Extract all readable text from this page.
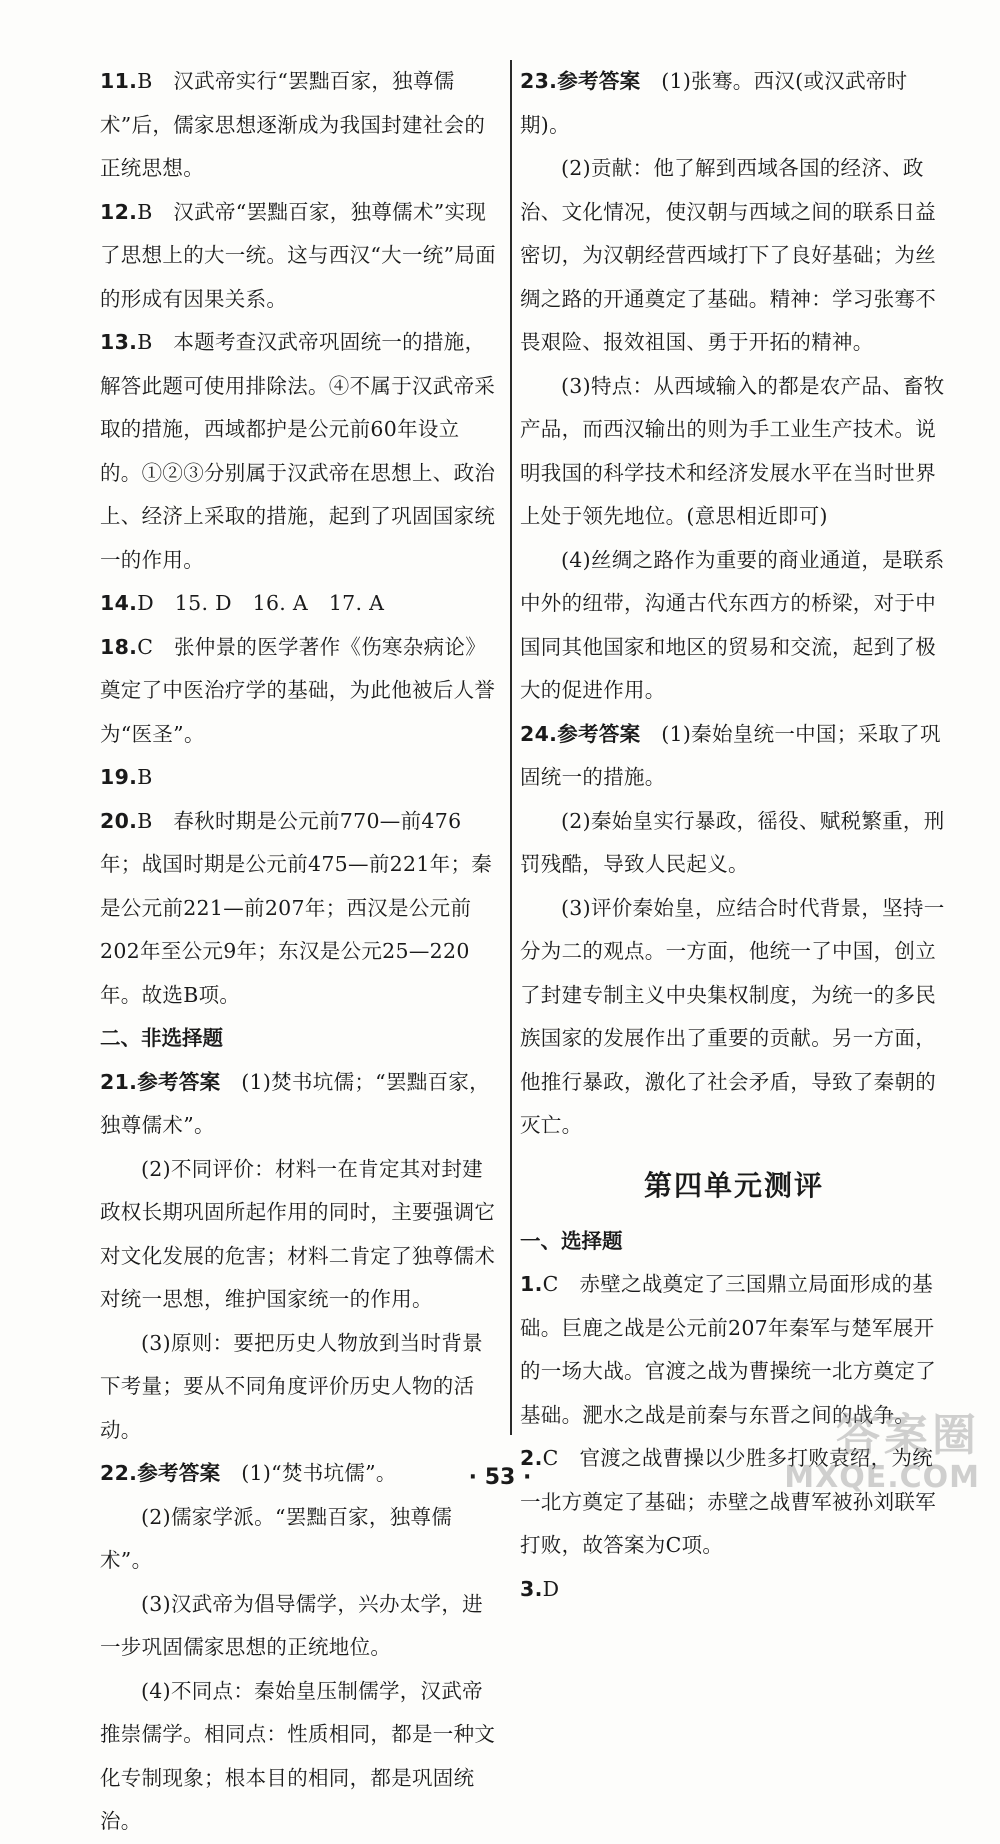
11.B　汉武帝实行“罢黜百家，独尊儒术”后，儒家思想逐渐成为我国封建社会的正统思想。
12.B　汉武帝“罢黜百家，独尊儒术”实现了思想上的大一统。这与西汉“大一统”局面的形成有因果关系。
13.B　本题考查汉武帝巩固统一的措施，解答此题可使用排除法。④不属于汉武帝采取的措施，西域都护是公元前60年设立的。①②③分别属于汉武帝在思想上、政治上、经济上采取的措施，起到了巩固国家统一的作用。
14.D　15. D　16. A　17. A
18.C　张仲景的医学著作《伤寒杂病论》奠定了中医治疗学的基础，为此他被后人誉为“医圣”。
19.B
20.B　春秋时期是公元前770—前476年；战国时期是公元前475—前221年；秦是公元前221—前207年；西汉是公元前202年至公元9年；东汉是公元25—220年。故选B项。
二、非选择题
21.参考答案　 (1)焚书坑儒；“罢黜百家，独尊儒术”。
(2)不同评价：材料一在肯定其对封建政权长期巩固所起作用的同时，主要强调它对文化发展的危害；材料二肯定了独尊儒术对统一思想，维护国家统一的作用。
(3)原则：要把历史人物放到当时背景下考量；要从不同角度评价历史人物的活动。
22.参考答案　 (1)“焚书坑儒”。
(2)儒家学派。“罢黜百家，独尊儒术”。
(3)汉武帝为倡导儒学，兴办太学，进一步巩固儒家思想的正统地位。
(4)不同点：秦始皇压制儒学，汉武帝推崇儒学。相同点：性质相同，都是一种文化专制现象；根本目的相同，都是巩固统治。
23.参考答案　 (1)张骞。西汉(或汉武帝时期)。
(2)贡献：他了解到西域各国的经济、政治、文化情况，使汉朝与西域之间的联系日益密切，为汉朝经营西域打下了良好基础；为丝绸之路的开通奠定了基础。精神：学习张骞不畏艰险、报效祖国、勇于开拓的精神。
(3)特点：从西域输入的都是农产品、畜牧产品，而西汉输出的则为手工业生产技术。说明我国的科学技术和经济发展水平在当时世界上处于领先地位。(意思相近即可)
(4)丝绸之路作为重要的商业通道，是联系中外的纽带，沟通古代东西方的桥梁，对于中国同其他国家和地区的贸易和交流，起到了极大的促进作用。
24.参考答案　 (1)秦始皇统一中国；采取了巩固统一的措施。
(2)秦始皇实行暴政，徭役、赋税繁重，刑罚残酷，导致人民起义。
(3)评价秦始皇，应结合时代背景，坚持一分为二的观点。一方面，他统一了中国，创立了封建专制主义中央集权制度，为统一的多民族国家的发展作出了重要的贡献。另一方面，他推行暴政，激化了社会矛盾，导致了秦朝的灭亡。
第四单元测评
一、选择题
1.C　赤壁之战奠定了三国鼎立局面形成的基础。巨鹿之战是公元前207年秦军与楚军展开的一场大战。官渡之战为曹操统一北方奠定了基础。淝水之战是前秦与东晋之间的战争。
2.C　官渡之战曹操以少胜多打败袁绍，为统一北方奠定了基础；赤壁之战曹军被孙刘联军打败，故答案为C项。
3.D
· 53 ·
答案圈
MXQE.COM
